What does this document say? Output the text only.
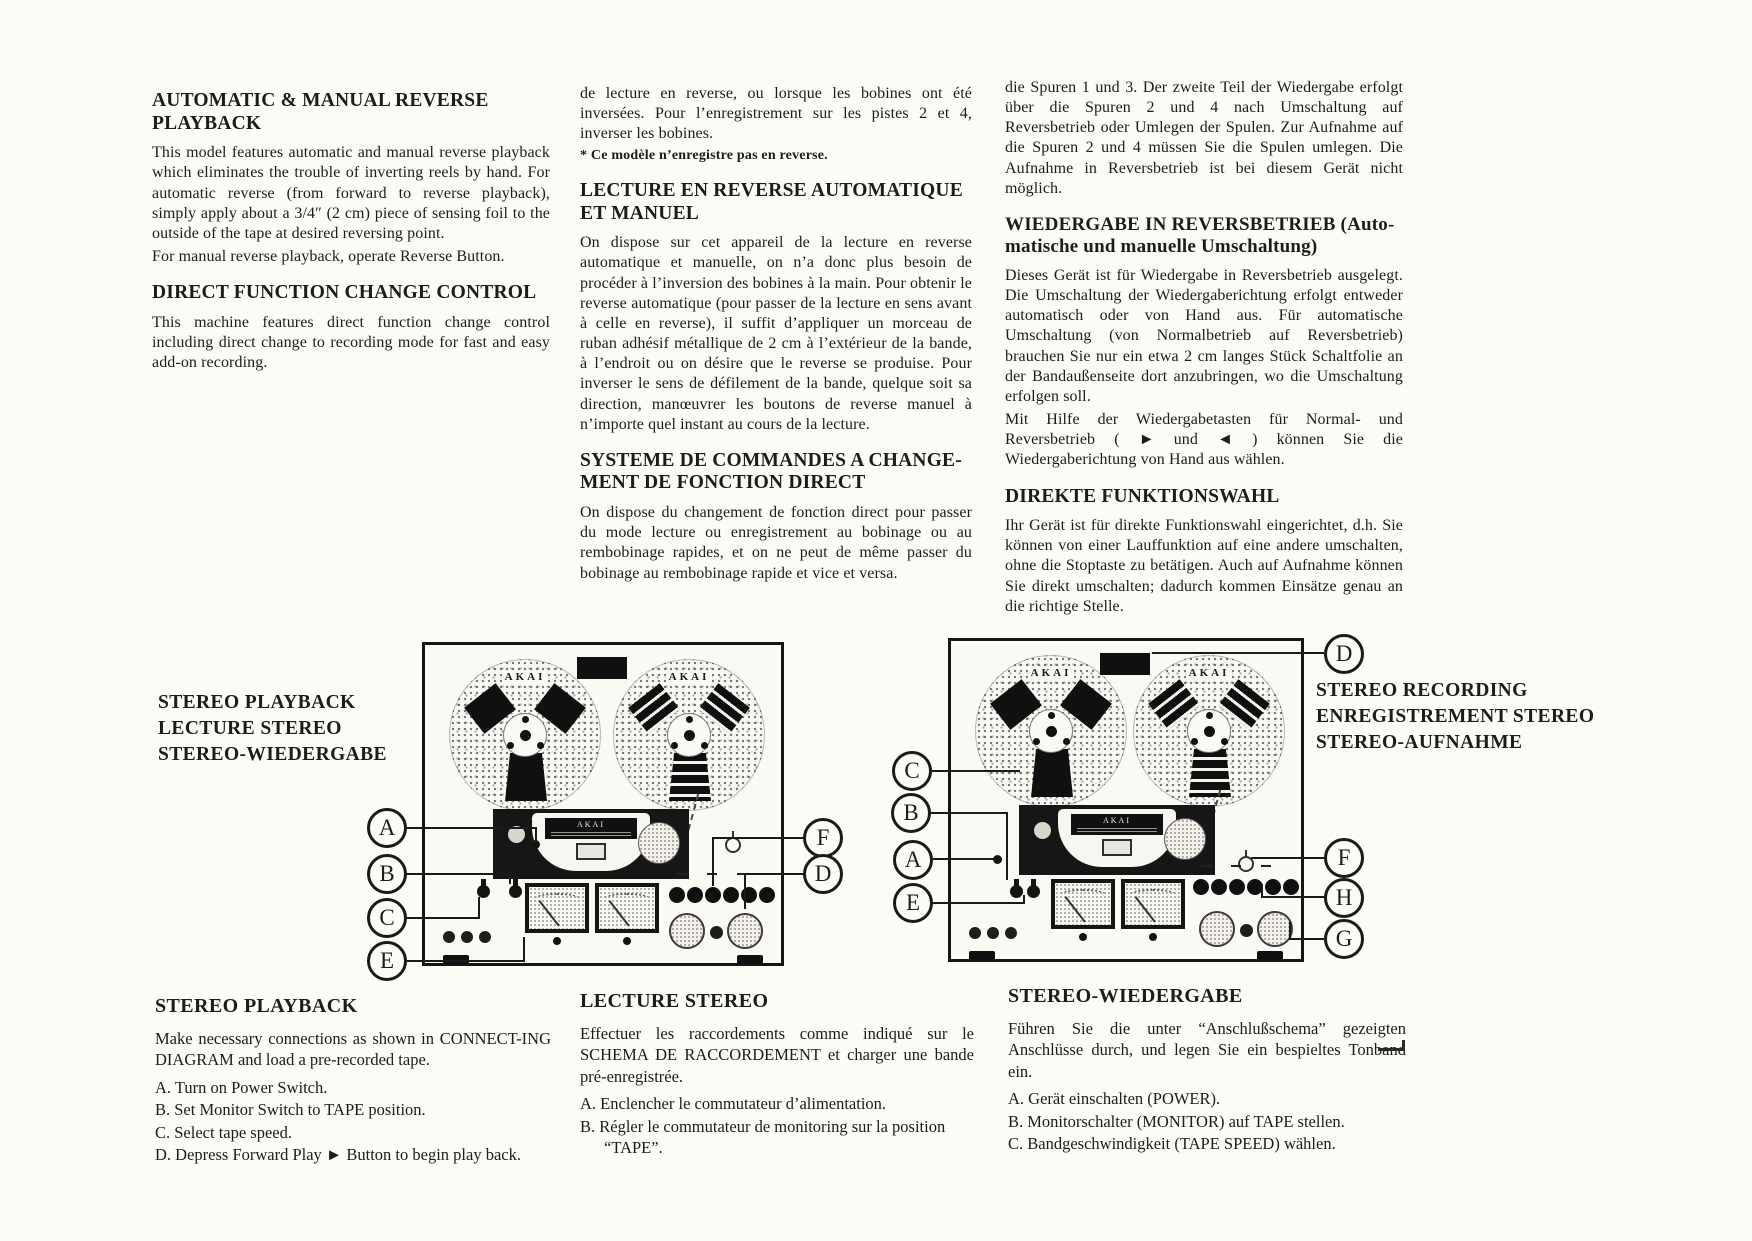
AUTOMATIC & MANUAL REVERSE PLAYBACK

This model features automatic and manual reverse playback which eliminates the trouble of inverting reels by hand. For automatic reverse (from forward to reverse playback), simply apply about a 3/4″ (2 cm) piece of sensing foil to the outside of the tape at desired reversing point.

For manual reverse playback, operate Reverse Button.

DIRECT FUNCTION CHANGE CONTROL

This machine features direct function change control including direct change to recording mode for fast and easy add-on recording.

de lecture en reverse, ou lorsque les bobines ont été inversées. Pour l’enregistrement sur les pistes 2 et 4, inverser les bobines.

* Ce modèle n’enregistre pas en reverse.

LECTURE EN REVERSE AUTOMATIQUE ET MANUEL

On dispose sur cet appareil de la lecture en reverse automatique et manuelle, on n’a donc plus besoin de procéder à l’inversion des bobines à la main. Pour obtenir le reverse automatique (pour passer de la lecture en sens avant à celle en reverse), il suffit d’appliquer un morceau de ruban adhésif métallique de 2 cm à l’extérieur de la bande, à l’endroit ou on désire que le reverse se produise. Pour inverser le sens de défilement de la bande, quelque soit sa direction, manœuvrer les boutons de reverse manuel à n’importe quel instant au cours de la lecture.

SYSTEME DE COMMANDES A CHANGE-MENT DE FONCTION DIRECT

On dispose du changement de fonction direct pour passer du mode lecture ou enregistrement au bobinage ou au rembobinage rapides, et on ne peut de même passer du bobinage au rembobinage rapide et vice et versa.

die Spuren 1 und 3. Der zweite Teil der Wiedergabe erfolgt über die Spuren 2 und 4 nach Umschaltung auf Reversbetrieb oder Umlegen der Spulen. Zur Aufnahme auf die Spuren 2 und 4 müssen Sie die Spulen umlegen. Die Aufnahme in Reversbetrieb ist bei diesem Gerät nicht möglich.

WIEDERGABE IN REVERSBETRIEB (Auto-matische und manuelle Umschaltung)

Dieses Gerät ist für Wiedergabe in Reversbetrieb ausgelegt. Die Umschaltung der Wiedergaberichtung erfolgt entweder automatisch oder von Hand aus. Für automatische Umschaltung (von Normalbetrieb auf Reversbetrieb) brauchen Sie nur ein etwa 2 cm langes Stück Schaltfolie an der Bandaußenseite dort anzubringen, wo die Umschaltung erfolgen soll.

Mit Hilfe der Wiedergabetasten für Normal- und Reversbetrieb ( ► und ◄ ) können Sie die Wiedergaberichtung von Hand aus wählen.

DIREKTE FUNKTIONSWAHL

Ihr Gerät ist für direkte Funktionswahl eingerichtet, d.h. Sie können von einer Lauffunktion auf eine andere umschalten, ohne die Stoptaste zu betätigen. Auch auf Aufnahme können Sie direkt umschalten; dadurch kommen Einsätze genau an die richtige Stelle.

STEREO PLAYBACK
LECTURE STEREO
STEREO-WIEDERGABE
STEREO RECORDING
ENREGISTREMENT STEREO
STEREO-AUFNAHME
AKAI	AKAI
AKAI
AKAI	AKAI
AKAI
A
B
C
E
F
D
C
B
A
E
D
F
H
G
STEREO PLAYBACK

Make necessary connections as shown in CONNECT-ING DIAGRAM and load a pre-recorded tape.

A. Turn on Power Switch.

B. Set Monitor Switch to TAPE position.

C. Select tape speed.

D. Depress Forward Play ► Button to begin play back.

LECTURE STEREO

Effectuer les raccordements comme indiqué sur le SCHEMA DE RACCORDEMENT et charger une bande pré-enregistrée.

A. Enclencher le commutateur d’alimentation.

B. Régler le commutateur de monitoring sur la position “TAPE”.

STEREO-WIEDERGABE

Führen Sie die unter “Anschlußschema” gezeigten Anschlüsse durch, und legen Sie ein bespieltes Tonband ein.

A. Gerät einschalten (POWER).

B. Monitorschalter (MONITOR) auf TAPE stellen.

C. Bandgeschwindigkeit (TAPE SPEED) wählen.
